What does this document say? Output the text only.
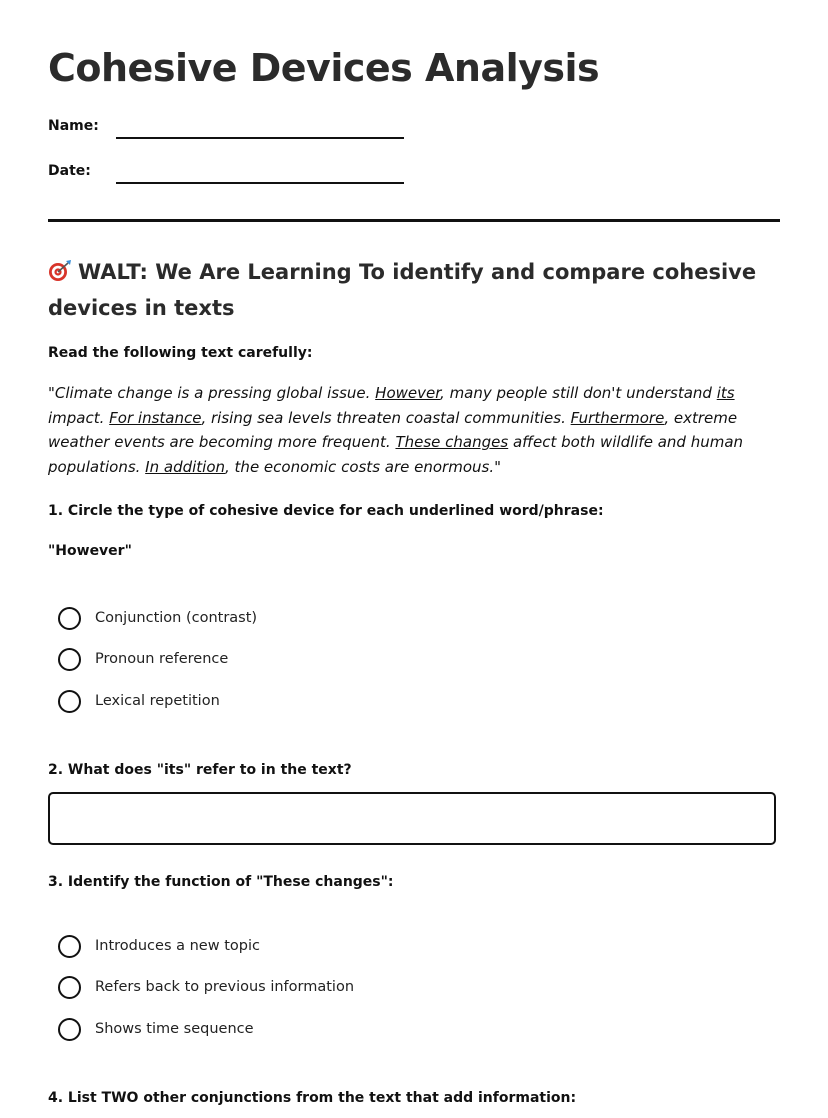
Cohesive Devices Analysis
Name:
Date:
WALT: We Are Learning To identify and compare cohesive devices in texts
Read the following text carefully:

"Climate change is a pressing global issue. However, many people still don't understand its impact. For instance, rising sea levels threaten coastal communities. Furthermore, extreme weather events are becoming more frequent. These changes affect both wildlife and human populations. In addition, the economic costs are enormous."

1. Circle the type of cohesive device for each underlined word/phrase:
"However"
Conjunction (contrast)
Pronoun reference
Lexical repetition
2. What does "its" refer to in the text?
3. Identify the function of "These changes":
Introduces a new topic
Refers back to previous information
Shows time sequence
4. List TWO other conjunctions from the text that add information:
